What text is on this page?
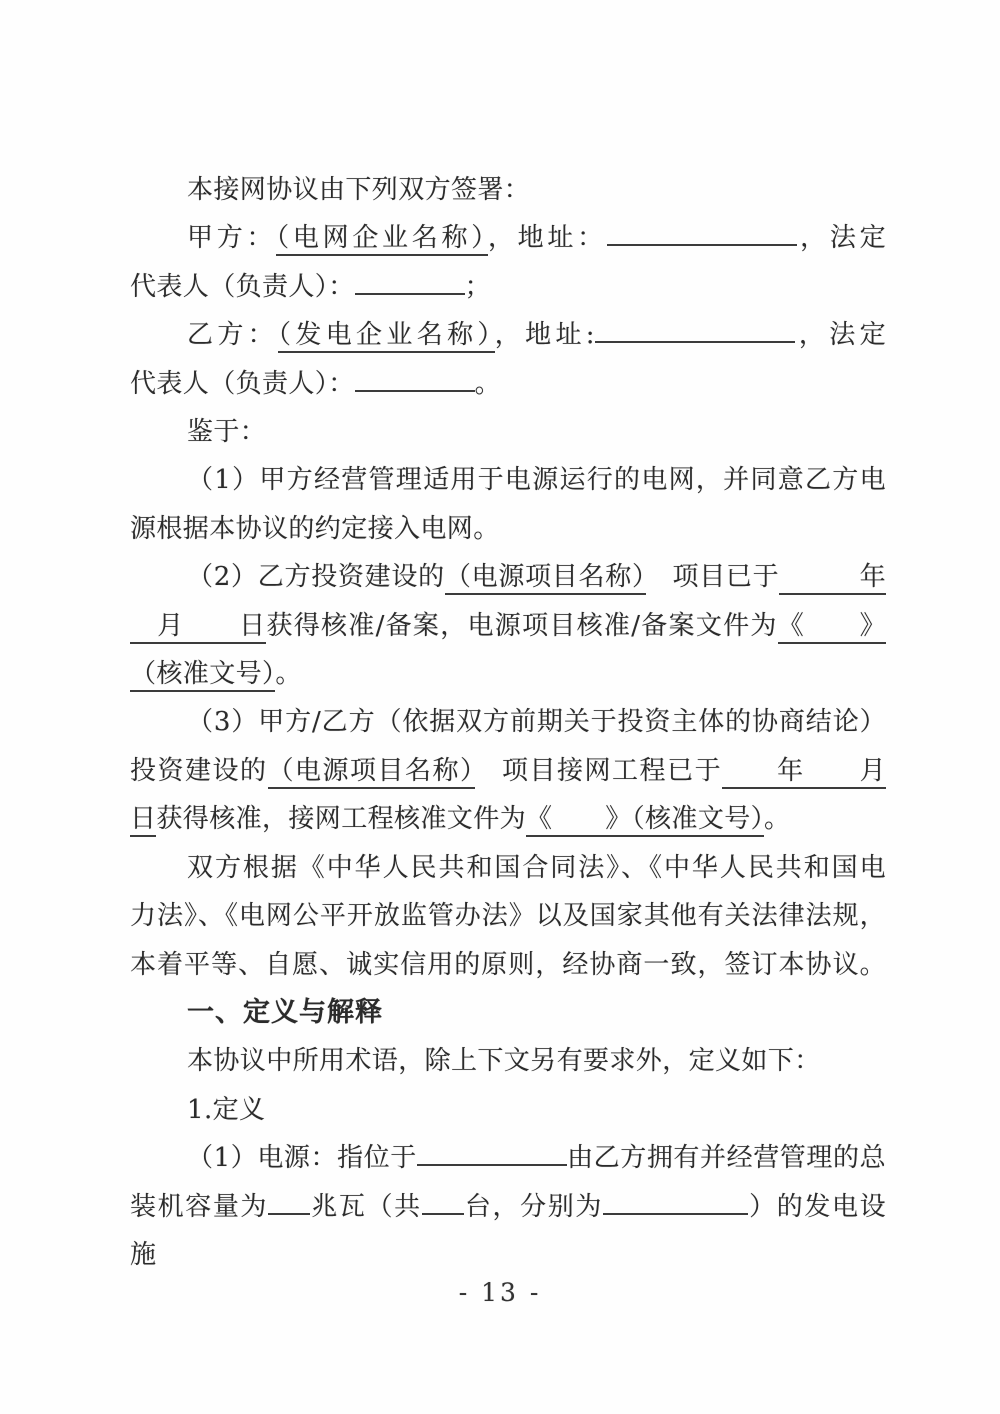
本接网协议由下列双方签署：
甲方：（电网企业名称），地址：	，法定
代表人（负责人）：	；
乙方：（发电企业名称），地址:	，法定
代表人（负责人）：	。
鉴于：
（1）甲方经营管理适用于电源运行的电网，并同意乙方电
源根据本协议的约定接入电网。
（2）乙方投资建设的（电源项目名称）　项目已于　　　年
　月　　日获得核准/备案，电源项目核准/备案文件为《　　》
（核准文号）。
（3）甲方/乙方（依据双方前期关于投资主体的协商结论）
投资建设的（电源项目名称）　项目接网工程已于　　年　　月
日获得核准，接网工程核准文件为《　　》（核准文号）。
双方根据《中华人民共和国合同法》、《中华人民共和国电
力法》、《电网公平开放监管办法》以及国家其他有关法律法规，
本着平等、自愿、诚实信用的原则，经协商一致，签订本协议。
一、定义与解释
本协议中所用术语，除上下文另有要求外，定义如下：
1.定义
（1）电源：指位于	由乙方拥有并经营管理的总
装机容量为 兆瓦（共 台，分别为	）的发电设施
- 13 -
